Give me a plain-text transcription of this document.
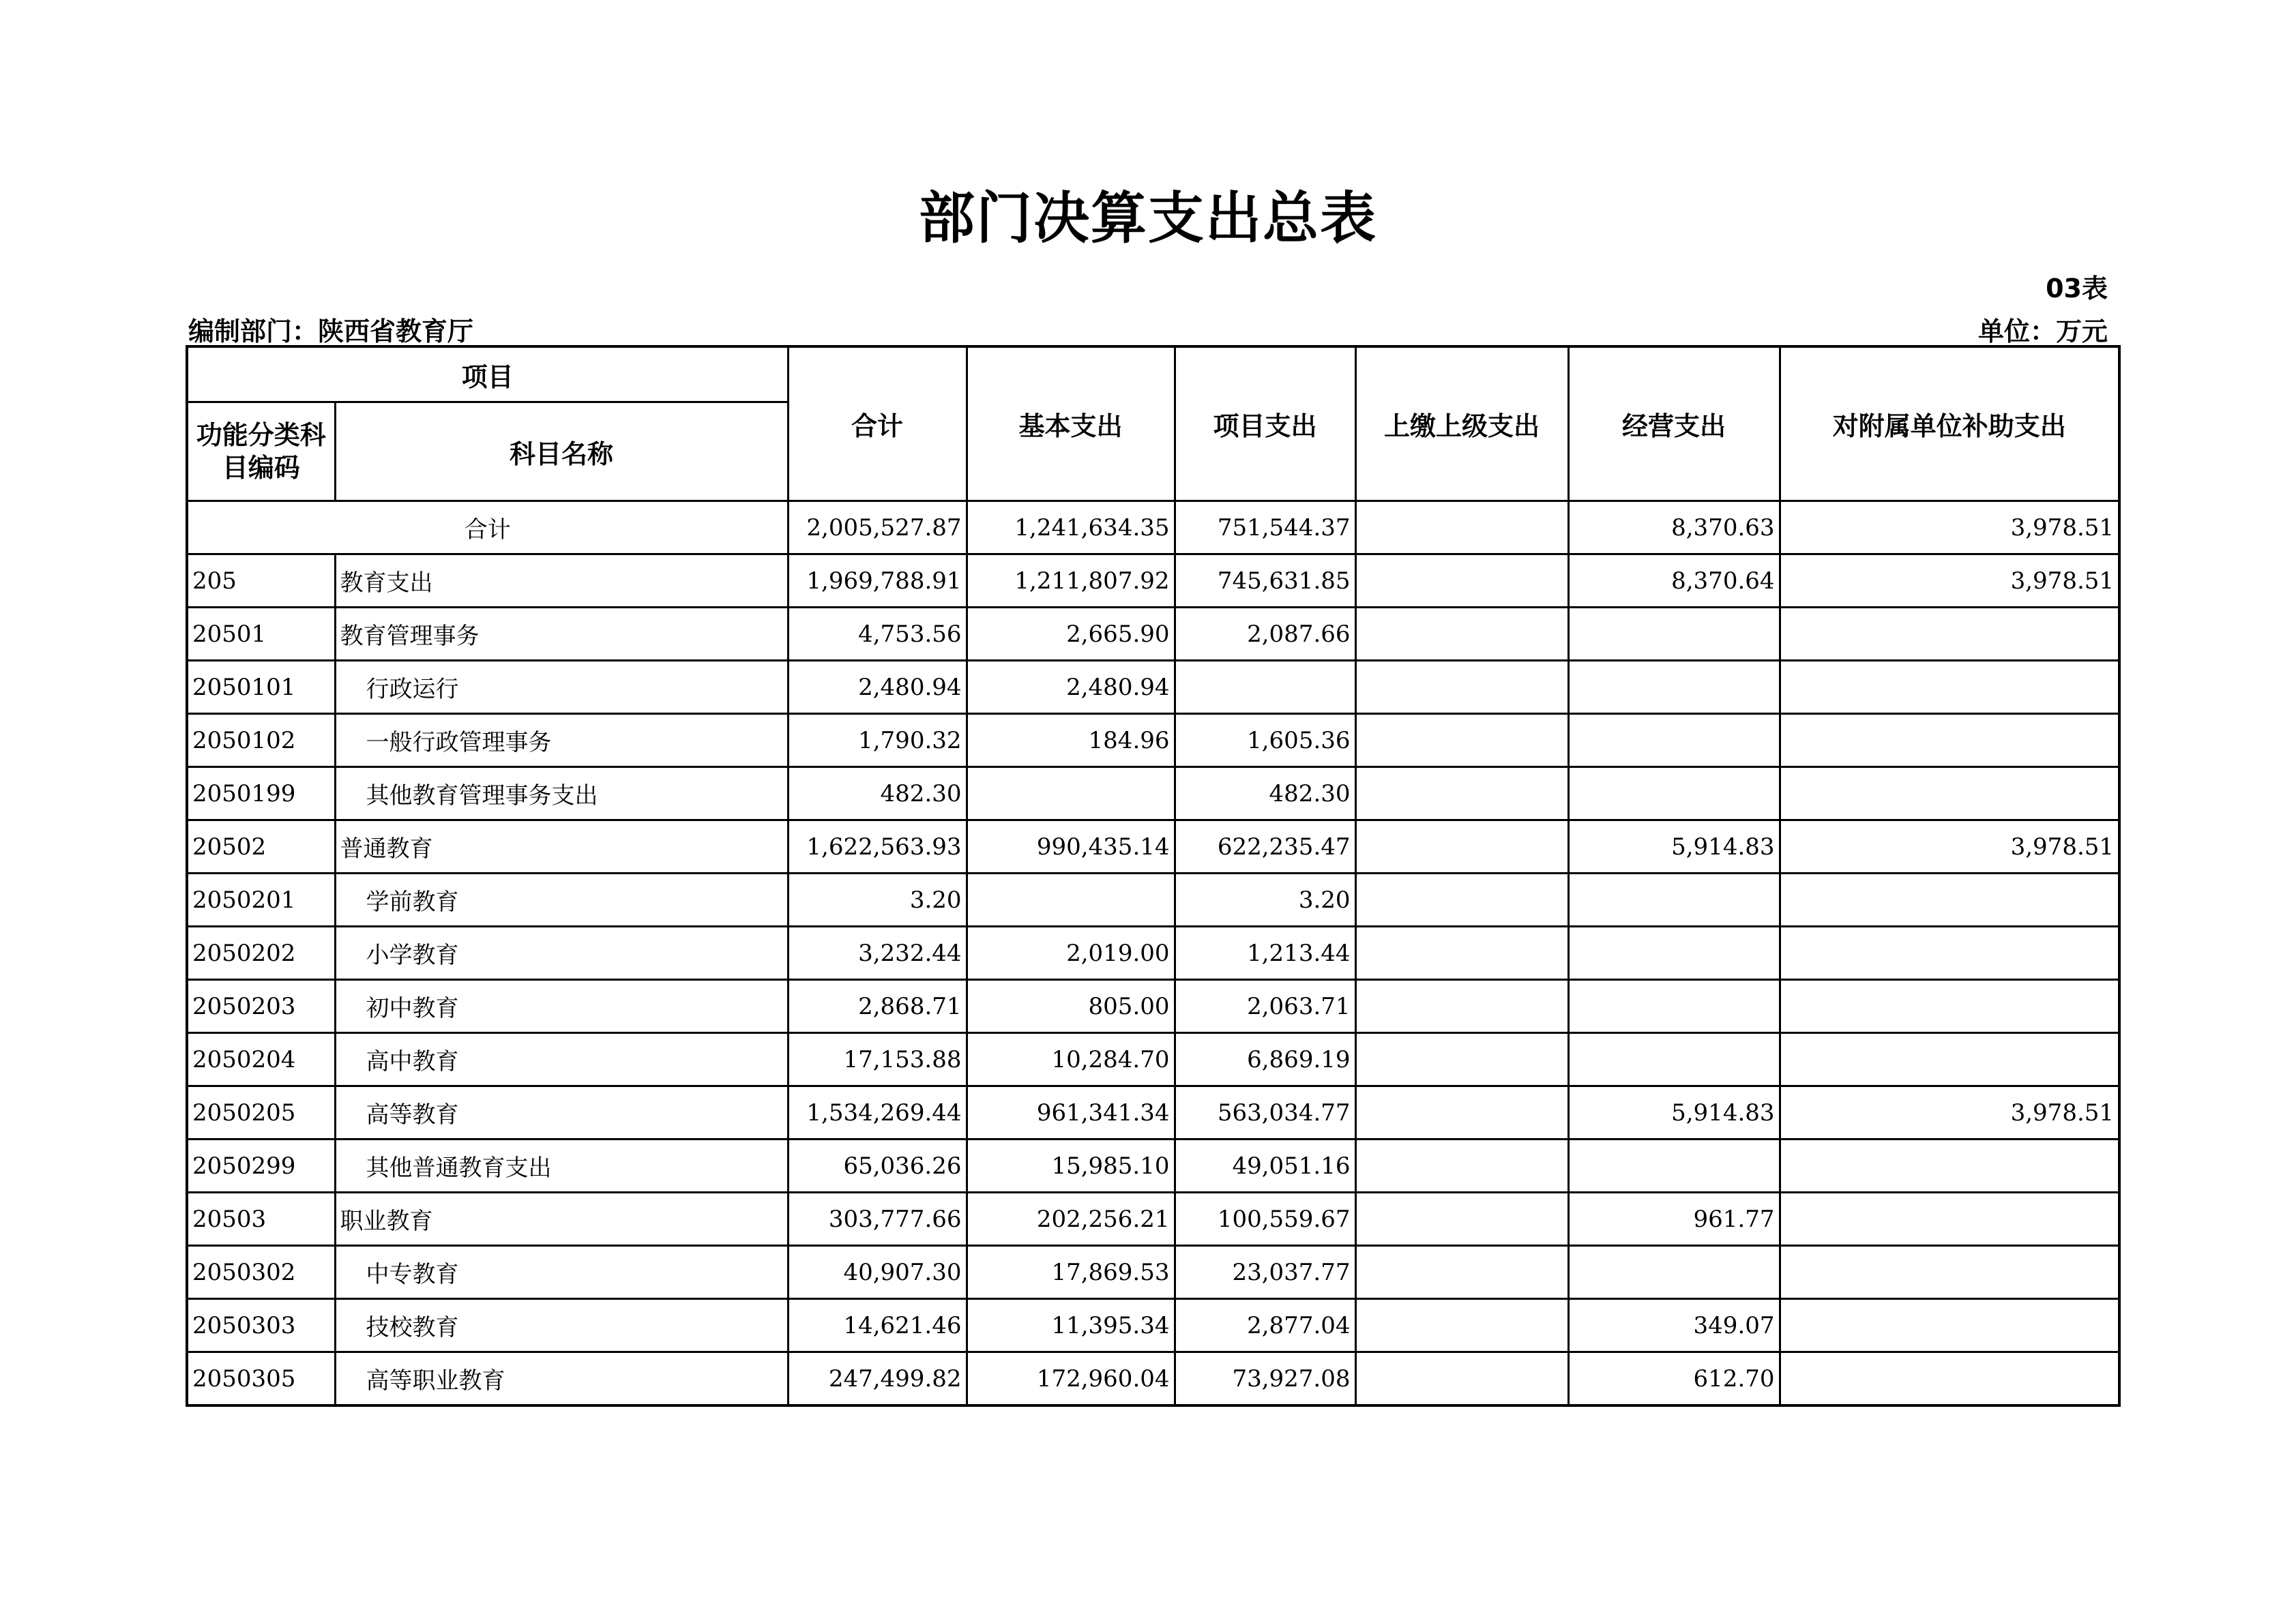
部门决算支出总表
03表
编制部门：陕西省教育厅	单位：万元
项目		合计	基本支出	项目支出	上缴上级支出	经营支出	对附属单位补助支出
功能分类科目编码	科目名称						
合计		2,005,527.87	1,241,634.35	751,544.37		8,370.63	3,978.51
205	教育支出	1,969,788.91	1,211,807.92	745,631.85		8,370.64	3,978.51
20501	教育管理事务	4,753.56	2,665.90	2,087.66			
2050101	行政运行	2,480.94	2,480.94				
2050102	一般行政管理事务	1,790.32	184.96	1,605.36			
2050199	其他教育管理事务支出	482.30		482.30			
20502	普通教育	1,622,563.93	990,435.14	622,235.47		5,914.83	3,978.51
2050201	学前教育	3.20		3.20			
2050202	小学教育	3,232.44	2,019.00	1,213.44			
2050203	初中教育	2,868.71	805.00	2,063.71			
2050204	高中教育	17,153.88	10,284.70	6,869.19			
2050205	高等教育	1,534,269.44	961,341.34	563,034.77		5,914.83	3,978.51
2050299	其他普通教育支出	65,036.26	15,985.10	49,051.16			
20503	职业教育	303,777.66	202,256.21	100,559.67		961.77	
2050302	中专教育	40,907.30	17,869.53	23,037.77			
2050303	技校教育	14,621.46	11,395.34	2,877.04		349.07	
2050305	高等职业教育	247,499.82	172,960.04	73,927.08		612.70	
